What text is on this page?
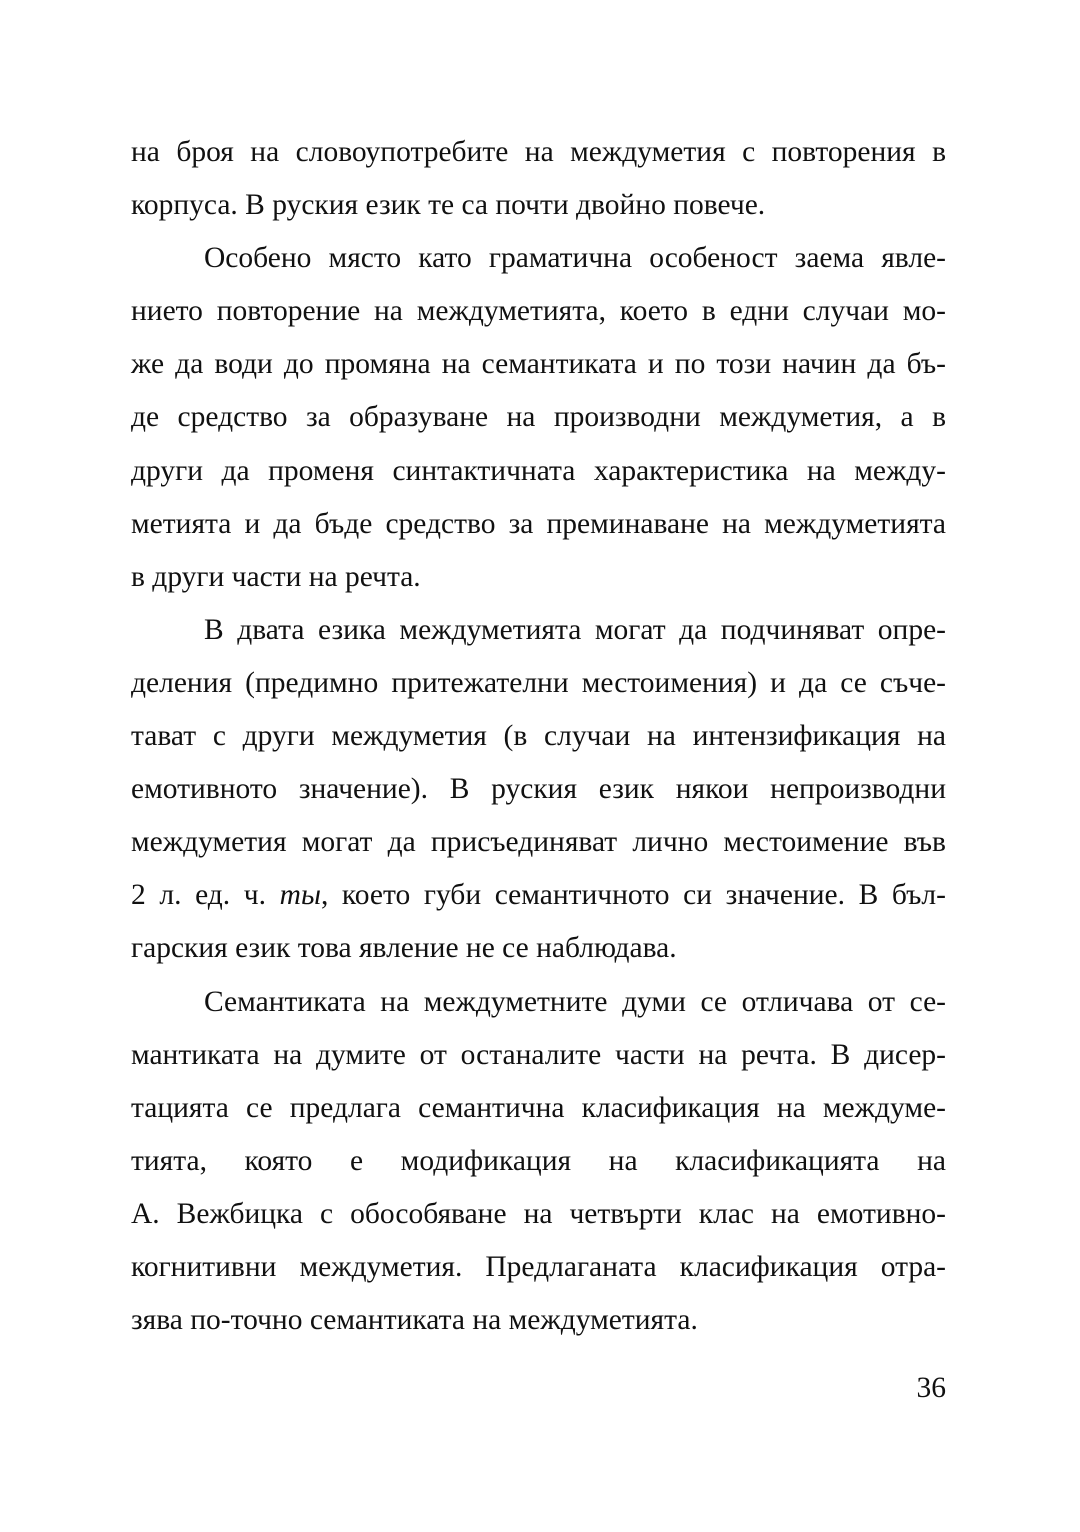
на броя на словоупотребите на междуметия с повторения в
корпуса. В руския език те са почти двойно повече.
Особено място като граматична особеност заема явле-
нието повторение на междуметията, което в едни случаи мо-
же да води до промяна на семантиката и по този начин да бъ-
де средство за образуване на производни междуметия, а в
други да променя синтактичната характеристика на между-
метията и да бъде средство за преминаване на междуметията
в други части на речта.
В двата езика междуметията могат да подчиняват опре-
деления (предимно притежателни местоимения) и да се съче-
тават с други междуметия (в случаи на интензификация на
емотивното значение). В руския език някои непроизводни
междуметия могат да присъединяват лично местоимение във
2 л. ед. ч. ты, което губи семантичното си значение. В бъл-
гарския език това явление не се наблюдава.
Семантиката на междуметните думи се отличава от се-
мантиката на думите от останалите части на речта. В дисер-
тацията се предлага семантична класификация на междуме-
тията, която е модификация на класификацията на
А. Вежбицка с обособяване на четвърти клас на емотивно-
когнитивни междуметия. Предлаганата класификация отра-
зява по-точно семантиката на междуметията.
36
